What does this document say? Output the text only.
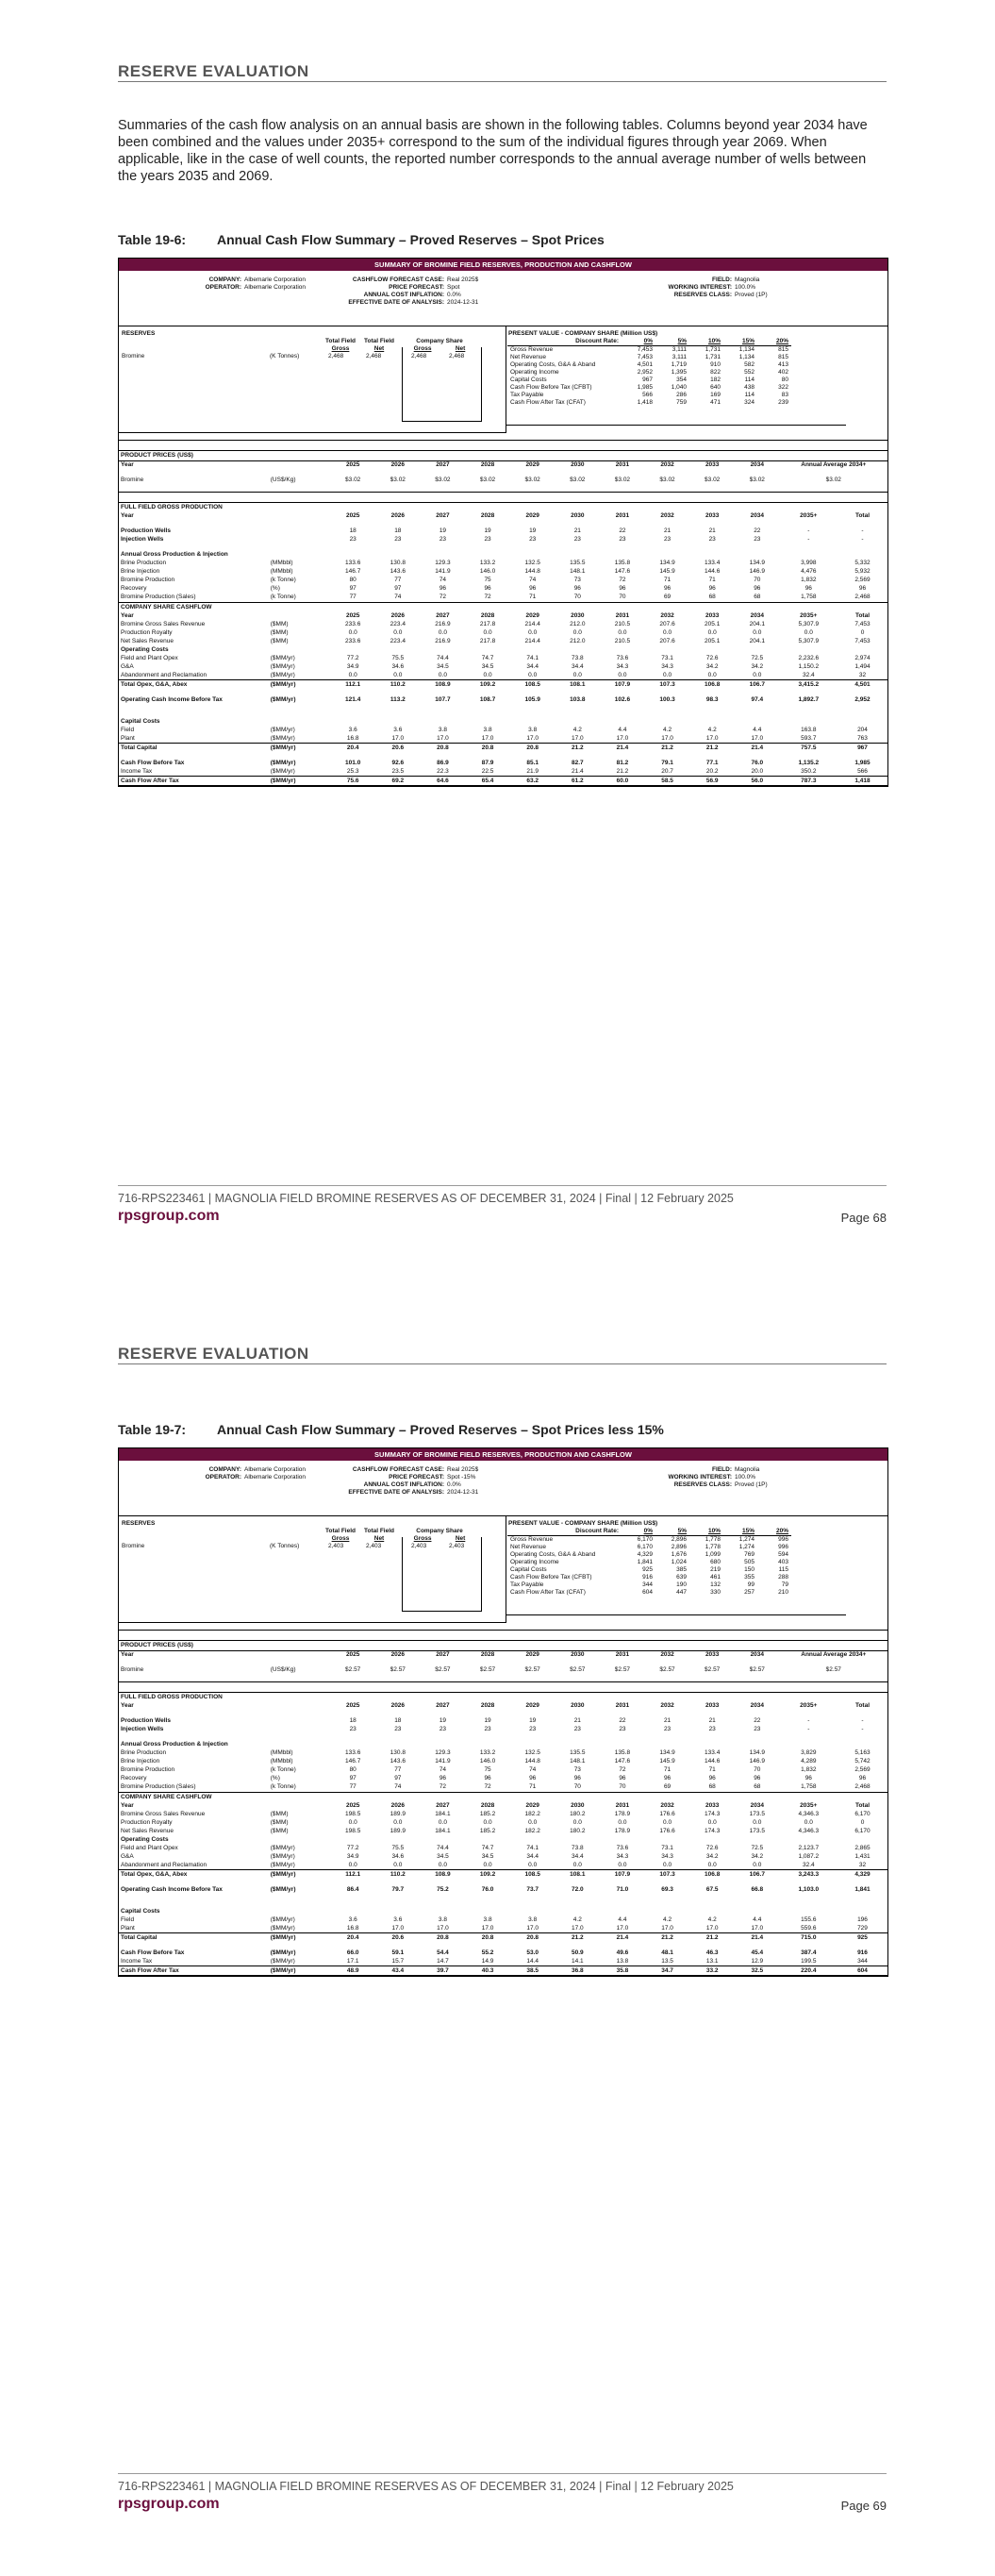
RESERVE EVALUATION
Summaries of the cash flow analysis on an annual basis are shown in the following tables. Columns beyond year 2034 have been combined and the values under 2035+ correspond to the sum of the individual figures through year 2069. When applicable, like in the case of well counts, the reported number corresponds to the annual average number of wells between the years 2035 and 2069.
Table 19-6: Annual Cash Flow Summary – Proved Reserves – Spot Prices
SUMMARY OF BROMINE FIELD RESERVES, PRODUCTION AND CASHFLOW
COMPANY: Albemarle Corporation
OPERATOR: Albemarle Corporation
CASHFLOW FORECAST CASE: Real 2025$
PRICE FORECAST: Spot
ANNUAL COST INFLATION: 0.0%
EFFECTIVE DATE OF ANALYSIS: 2024-12-31
FIELD: Magnolia
WORKING INTEREST: 100.0%
RESERVES CLASS: Proved (1P)
RESERVES
Total Field
Gross
Total Field
Net
Company Share
Gross	Net
Bromine	(K Tonnes)	2,468	2,468	2,468	2,468
PRESENT VALUE - COMPANY SHARE (Million US$)
Discount Rate:	0%	5%	10%	15%	20%
Gross Revenue	7,453	3,111	1,731	1,134	815
Net Revenue	7,453	3,111	1,731	1,134	815
Operating Costs, G&A & Aband	4,501	1,719	910	582	413
Operating Income	2,952	1,395	822	552	402
Capital Costs	967	354	182	114	80
Cash Flow Before Tax (CFBT)	1,985	1,040	640	438	322
Tax Payable	566	286	169	114	83
Cash Flow After Tax (CFAT)	1,418	759	471	324	239
PRODUCT PRICES (US$)
Year		2025	2026	2027	2028	2029	2030	2031	2032	2033	2034	Annual Average 2034+

Bromine	(US$/Kg)	$3.02	$3.02	$3.02	$3.02	$3.02	$3.02	$3.02	$3.02	$3.02	$3.02	$3.02

FULL FIELD GROSS PRODUCTION
Year		2025	2026	2027	2028	2029	2030	2031	2032	2033	2034	2035+	Total

Production Wells		18	18	19	19	19	21	22	21	21	22	-	-
Injection Wells		23	23	23	23	23	23	23	23	23	23	-	-

Annual Gross Production & Injection													
Brine Production	(MMbbl)	133.6	130.8	129.3	133.2	132.5	135.5	135.8	134.9	133.4	134.9	3,998	5,332
Brine Injection	(MMbbl)	146.7	143.6	141.9	146.0	144.8	148.1	147.6	145.9	144.6	146.9	4,476	5,932
Bromine Production	(k Tonne)	80	77	74	75	74	73	72	71	71	70	1,832	2,569
Recovery	(%)	97	97	96	96	96	96	96	96	96	96	96	96
Bromine Production (Sales)	(k Tonne)	77	74	72	72	71	70	70	69	68	68	1,758	2,468
COMPANY SHARE CASHFLOW
Year		2025	2026	2027	2028	2029	2030	2031	2032	2033	2034	2035+	Total
Bromine Gross Sales Revenue	($MM)	233.6	223.4	216.9	217.8	214.4	212.0	210.5	207.6	205.1	204.1	5,307.9	7,453
Production Royalty	($MM)	0.0	0.0	0.0	0.0	0.0	0.0	0.0	0.0	0.0	0.0	0.0	0
Net Sales Revenue	($MM)	233.6	223.4	216.9	217.8	214.4	212.0	210.5	207.6	205.1	204.1	5,307.9	7,453
Operating Costs													
Field and Plant Opex	($MM/yr)	77.2	75.5	74.4	74.7	74.1	73.8	73.6	73.1	72.6	72.5	2,232.6	2,974
G&A	($MM/yr)	34.9	34.6	34.5	34.5	34.4	34.4	34.3	34.3	34.2	34.2	1,150.2	1,494
Abandonment and Reclamation	($MM/yr)	0.0	0.0	0.0	0.0	0.0	0.0	0.0	0.0	0.0	0.0	32.4	32
Total Opex, G&A, Abex	($MM/yr)	112.1	110.2	108.9	109.2	108.5	108.1	107.9	107.3	106.8	106.7	3,415.2	4,501

Operating Cash Income Before Tax	($MM/yr)	121.4	113.2	107.7	108.7	105.9	103.8	102.6	100.3	98.3	97.4	1,892.7	2,952

Capital Costs													
Field	($MM/yr)	3.6	3.6	3.8	3.8	3.8	4.2	4.4	4.2	4.2	4.4	163.8	204
Plant	($MM/yr)	16.8	17.0	17.0	17.0	17.0	17.0	17.0	17.0	17.0	17.0	593.7	763
Total Capital	($MM/yr)	20.4	20.6	20.8	20.8	20.8	21.2	21.4	21.2	21.2	21.4	757.5	967

Cash Flow Before Tax	($MM/yr)	101.0	92.6	86.9	87.9	85.1	82.7	81.2	79.1	77.1	76.0	1,135.2	1,985
Income Tax	($MM/yr)	25.3	23.5	22.3	22.5	21.9	21.4	21.2	20.7	20.2	20.0	350.2	566
Cash Flow After Tax	($MM/yr)	75.6	69.2	64.6	65.4	63.2	61.2	60.0	58.5	56.9	56.0	787.3	1,418
716-RPS223461 | MAGNOLIA FIELD BROMINE RESERVES AS OF DECEMBER 31, 2024 | Final | 12 February 2025
rpsgroup.com	Page 68
RESERVE EVALUATION
Table 19-7: Annual Cash Flow Summary – Proved Reserves – Spot Prices less 15%
SUMMARY OF BROMINE FIELD RESERVES, PRODUCTION AND CASHFLOW
COMPANY: Albemarle Corporation
OPERATOR: Albemarle Corporation
CASHFLOW FORECAST CASE: Real 2025$
PRICE FORECAST: Spot -15%
ANNUAL COST INFLATION: 0.0%
EFFECTIVE DATE OF ANALYSIS: 2024-12-31
FIELD: Magnolia
WORKING INTEREST: 100.0%
RESERVES CLASS: Proved (1P)
RESERVES
Total Field
Gross
Total Field
Net
Company Share
Gross	Net
Bromine	(K Tonnes)	2,403	2,403	2,403	2,403
PRESENT VALUE - COMPANY SHARE (Million US$)
Discount Rate:	0%	5%	10%	15%	20%
Gross Revenue	6,170	2,896	1,778	1,274	996
Net Revenue	6,170	2,896	1,778	1,274	996
Operating Costs, G&A & Aband	4,329	1,676	1,099	769	594
Operating Income	1,841	1,024	680	505	403
Capital Costs	925	385	219	150	115
Cash Flow Before Tax (CFBT)	916	639	461	355	288
Tax Payable	344	190	132	99	79
Cash Flow After Tax (CFAT)	604	447	330	257	210
PRODUCT PRICES (US$)
Year		2025	2026	2027	2028	2029	2030	2031	2032	2033	2034	Annual Average 2034+

Bromine	(US$/Kg)	$2.57	$2.57	$2.57	$2.57	$2.57	$2.57	$2.57	$2.57	$2.57	$2.57	$2.57

FULL FIELD GROSS PRODUCTION
Year		2025	2026	2027	2028	2029	2030	2031	2032	2033	2034	2035+	Total

Production Wells		18	18	19	19	19	21	22	21	21	22	-	-
Injection Wells		23	23	23	23	23	23	23	23	23	23	-	-

Annual Gross Production & Injection													
Brine Production	(MMbbl)	133.6	130.8	129.3	133.2	132.5	135.5	135.8	134.9	133.4	134.9	3,829	5,163
Brine Injection	(MMbbl)	146.7	143.6	141.9	146.0	144.8	148.1	147.6	145.9	144.6	146.9	4,289	5,742
Bromine Production	(k Tonne)	80	77	74	75	74	73	72	71	71	70	1,832	2,569
Recovery	(%)	97	97	96	96	96	96	96	96	96	96	96	96
Bromine Production (Sales)	(k Tonne)	77	74	72	72	71	70	70	69	68	68	1,758	2,468
COMPANY SHARE CASHFLOW
Year		2025	2026	2027	2028	2029	2030	2031	2032	2033	2034	2035+	Total
Bromine Gross Sales Revenue	($MM)	198.5	189.9	184.1	185.2	182.2	180.2	178.9	176.6	174.3	173.5	4,346.3	6,170
Production Royalty	($MM)	0.0	0.0	0.0	0.0	0.0	0.0	0.0	0.0	0.0	0.0	0.0	0
Net Sales Revenue	($MM)	198.5	189.9	184.1	185.2	182.2	180.2	178.9	176.6	174.3	173.5	4,346.3	6,170
Operating Costs													
Field and Plant Opex	($MM/yr)	77.2	75.5	74.4	74.7	74.1	73.8	73.6	73.1	72.6	72.5	2,123.7	2,865
G&A	($MM/yr)	34.9	34.6	34.5	34.5	34.4	34.4	34.3	34.3	34.2	34.2	1,087.2	1,431
Abandonment and Reclamation	($MM/yr)	0.0	0.0	0.0	0.0	0.0	0.0	0.0	0.0	0.0	0.0	32.4	32
Total Opex, G&A, Abex	($MM/yr)	112.1	110.2	108.9	109.2	108.5	108.1	107.9	107.3	106.8	106.7	3,243.3	4,329

Operating Cash Income Before Tax	($MM/yr)	86.4	79.7	75.2	76.0	73.7	72.0	71.0	69.3	67.5	66.8	1,103.0	1,841

Capital Costs													
Field	($MM/yr)	3.6	3.6	3.8	3.8	3.8	4.2	4.4	4.2	4.2	4.4	155.6	196
Plant	($MM/yr)	16.8	17.0	17.0	17.0	17.0	17.0	17.0	17.0	17.0	17.0	559.6	729
Total Capital	($MM/yr)	20.4	20.6	20.8	20.8	20.8	21.2	21.4	21.2	21.2	21.4	715.0	925

Cash Flow Before Tax	($MM/yr)	66.0	59.1	54.4	55.2	53.0	50.9	49.6	48.1	46.3	45.4	387.4	916
Income Tax	($MM/yr)	17.1	15.7	14.7	14.9	14.4	14.1	13.8	13.5	13.1	12.9	199.5	344
Cash Flow After Tax	($MM/yr)	48.9	43.4	39.7	40.3	38.5	36.8	35.8	34.7	33.2	32.5	220.4	604
716-RPS223461 | MAGNOLIA FIELD BROMINE RESERVES AS OF DECEMBER 31, 2024 | Final | 12 February 2025
rpsgroup.com	Page 69
